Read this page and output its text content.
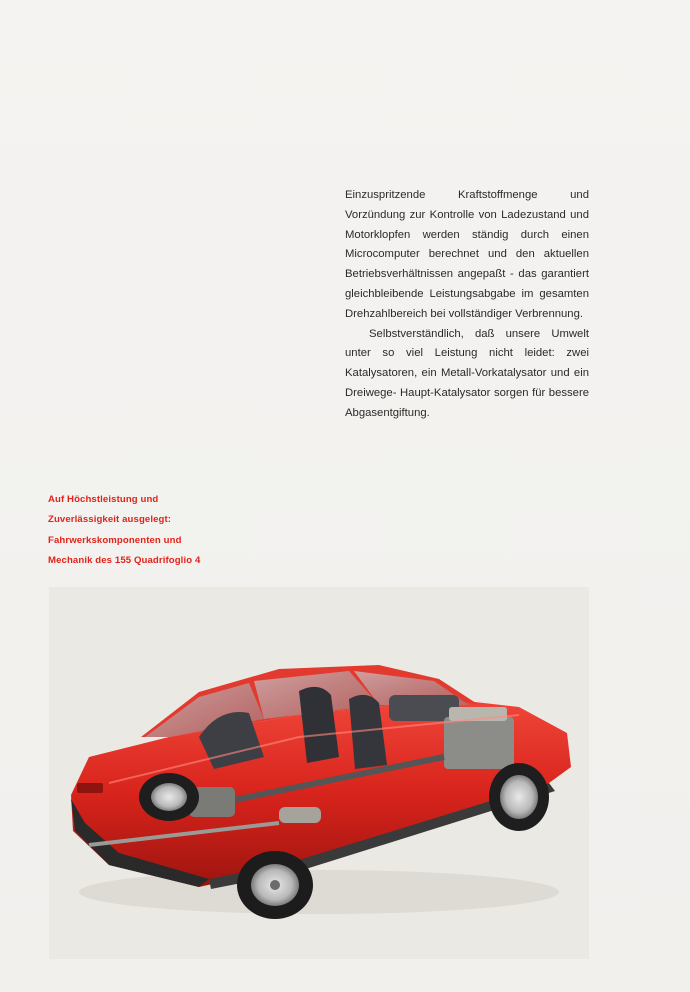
Einzuspritzende Kraftstoffmenge und Vorzündung zur Kontrolle von Ladezustand und Motorklopfen werden ständig durch einen Microcomputer berechnet und den aktuellen Betriebsverhältnissen angepaßt - das garantiert gleichbleibende Leistungsabgabe im gesamten Drehzahlbereich bei vollständiger Verbrennung.

Selbstverständlich, daß unsere Umwelt unter so viel Leistung nicht leidet: zwei Katalysatoren, ein Metall-Vorkatalysator und ein Dreiwege- Haupt-Katalysator sorgen für bessere Abgasentgiftung.

Auf Höchstleistung und
Zuverlässigkeit ausgelegt:
Fahrwerkskomponenten und
Mechanik des 155 Quadrifoglio 4
